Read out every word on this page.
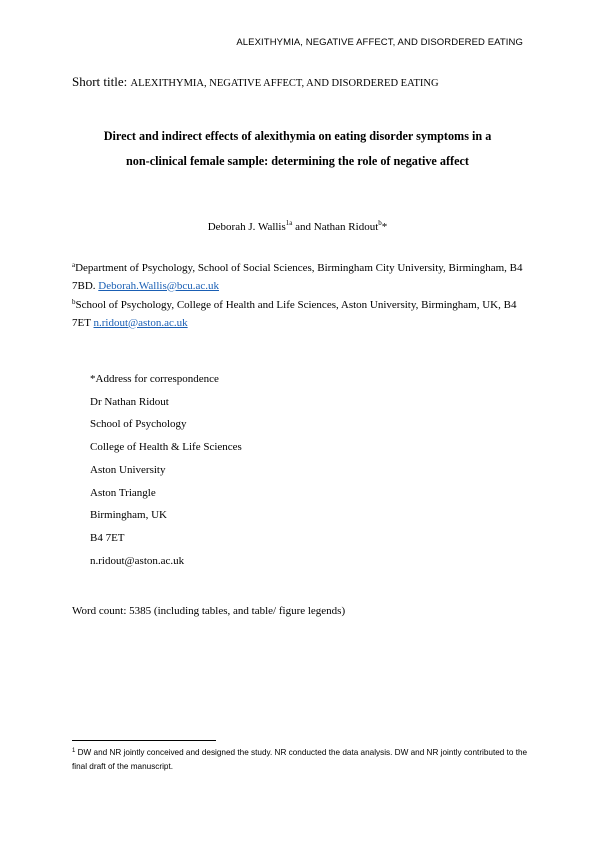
ALEXITHYMIA, NEGATIVE AFFECT, AND DISORDERED EATING
Short title: ALEXITHYMIA, NEGATIVE AFFECT, AND DISORDERED EATING
Direct and indirect effects of alexithymia on eating disorder symptoms in a
non-clinical female sample: determining the role of negative affect
Deborah J. Wallis$^{1a}$ and Nathan Ridout$^b$*
$^a$Department of Psychology, School of Social Sciences, Birmingham City University, Birmingham, B4 7BD. Deborah.Wallis@bcu.ac.uk
$^b$School of Psychology, College of Health and Life Sciences, Aston University, Birmingham, UK, B4 7ET n.ridout@aston.ac.uk
*Address for correspondence
Dr Nathan Ridout
School of Psychology
College of Health & Life Sciences
Aston University
Aston Triangle
Birmingham, UK
B4 7ET
n.ridout@aston.ac.uk
Word count: 5385 (including tables, and table/ figure legends)
$^1$ DW and NR jointly conceived and designed the study. NR conducted the data analysis. DW and NR jointly contributed to the final draft of the manuscript.
